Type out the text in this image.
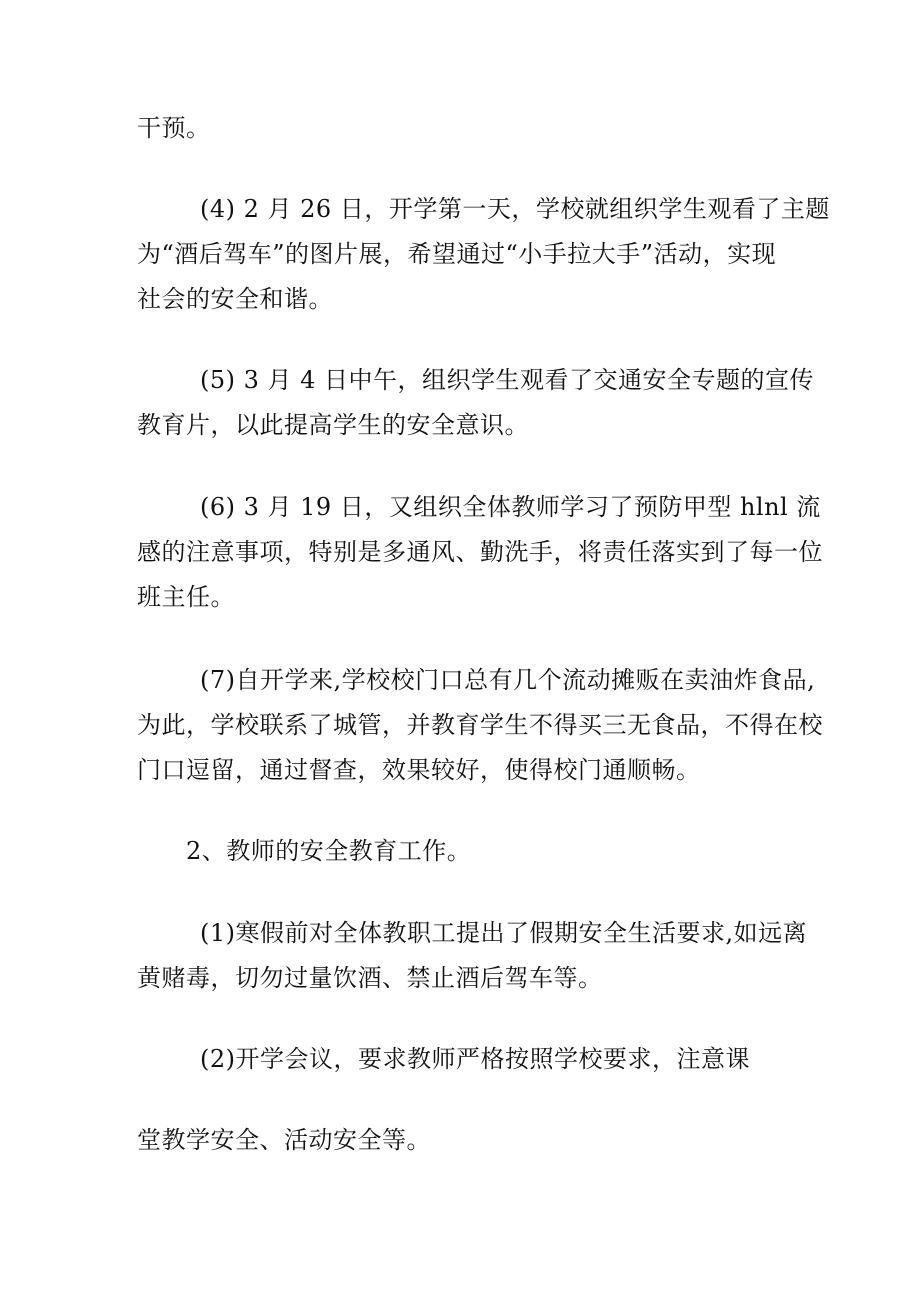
干预。
(4) 2 月 26 日，开学第一天，学校就组织学生观看了主题
为“酒后驾车”的图片展，希望通过“小手拉大手”活动，实现
社会的安全和谐。
(5) 3 月 4 日中午，组织学生观看了交通安全专题的宣传
教育片，以此提高学生的安全意识。
(6) 3 月 19 日，又组织全体教师学习了预防甲型 hlnl 流
感的注意事项，特别是多通风、勤洗手，将责任落实到了每一位
班主任。
(7)自开学来,学校校门口总有几个流动摊贩在卖油炸食品,
为此，学校联系了城管，并教育学生不得买三无食品，不得在校
门口逗留，通过督查，效果较好，使得校门通顺畅。
2、教师的安全教育工作。
(1)寒假前对全体教职工提出了假期安全生活要求,如远离
黄赌毒，切勿过量饮酒、禁止酒后驾车等。
(2)开学会议，要求教师严格按照学校要求，注意课
堂教学安全、活动安全等。
